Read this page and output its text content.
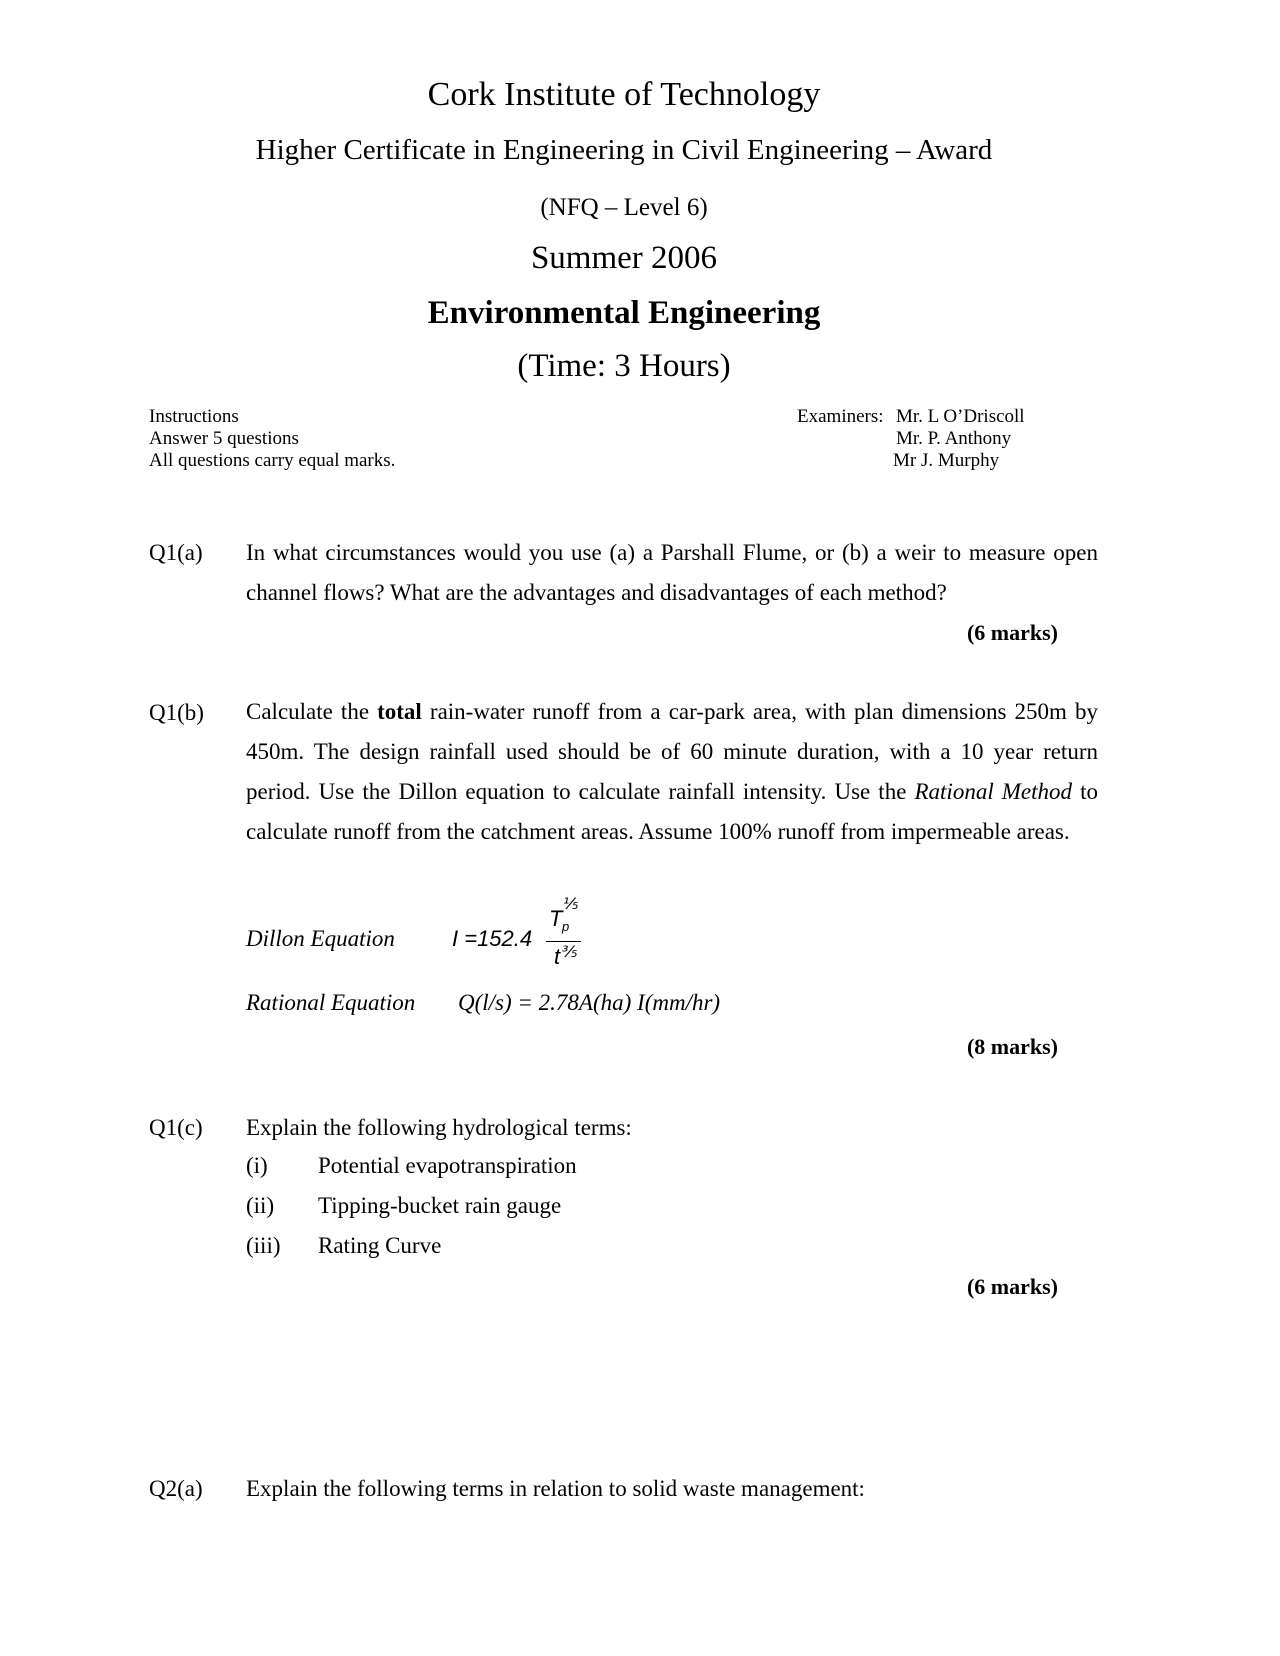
Cork Institute of Technology
Higher Certificate in Engineering in Civil Engineering – Award
(NFQ – Level 6)
Summer 2006
Environmental Engineering
(Time: 3 Hours)
Instructions
Answer 5 questions
All questions carry equal marks.
Examiners: Mr. L O’Driscoll
Mr. P. Anthony
Mr J. Murphy
Q1(a) In what circumstances would you use (a) a Parshall Flume, or (b) a weir to measure open channel flows? What are the advantages and disadvantages of each method?
(6 marks)
Q1(b) Calculate the total rain-water runoff from a car-park area, with plan dimensions 250m by 450m. The design rainfall used should be of 60 minute duration, with a 10 year return period. Use the Dillon equation to calculate rainfall intensity. Use the Rational Method to calculate runoff from the catchment areas. Assume 100% runoff from impermeable areas.
Dillon Equation	I =152.4
T
⅕
p
t ⅗
Rational Equation Q(l/s) = 2.78A(ha) I(mm/hr)
(8 marks)
Q1(c) Explain the following hydrological terms:
(i) Potential evapotranspiration
(ii) Tipping-bucket rain gauge
(iii) Rating Curve
(6 marks)
Q2(a) Explain the following terms in relation to solid waste management:
